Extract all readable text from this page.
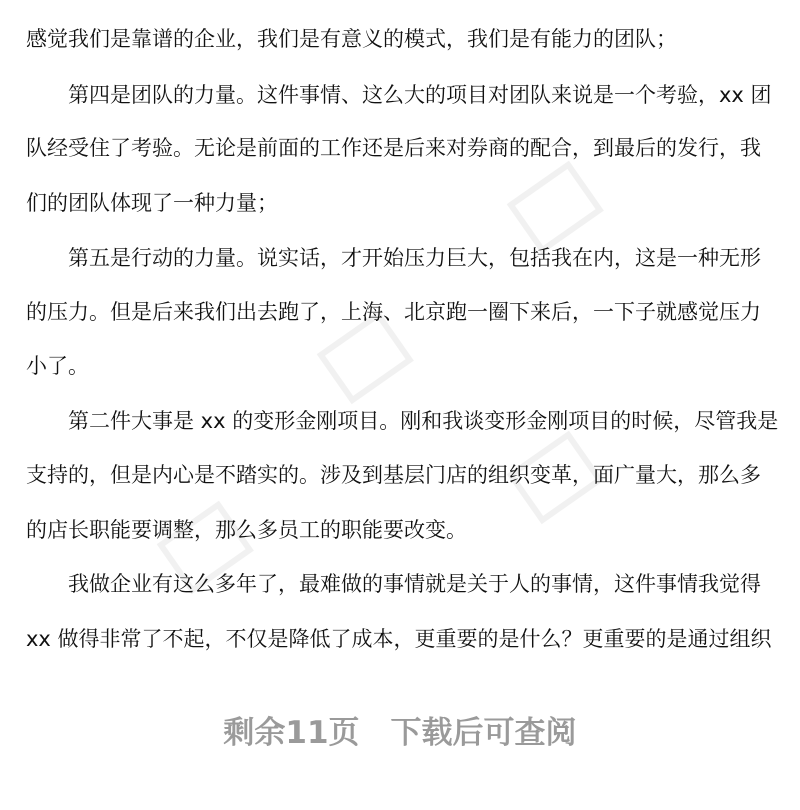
感觉我们是靠谱的企业，我们是有意义的模式，我们是有能力的团队；
　　第四是团队的力量。这件事情、这么大的项目对团队来说是一个考验，xx 团
队经受住了考验。无论是前面的工作还是后来对券商的配合，到最后的发行，我
们的团队体现了一种力量；
　　第五是行动的力量。说实话，才开始压力巨大，包括我在内，这是一种无形
的压力。但是后来我们出去跑了，上海、北京跑一圈下来后，一下子就感觉压力
小了。
　　第二件大事是 xx 的变形金刚项目。刚和我谈变形金刚项目的时候，尽管我是
支持的，但是内心是不踏实的。涉及到基层门店的组织变革，面广量大，那么多
的店长职能要调整，那么多员工的职能要改变。
　　我做企业有这么多年了，最难做的事情就是关于人的事情，这件事情我觉得
xx 做得非常了不起，不仅是降低了成本，更重要的是什么？更重要的是通过组织
剩余11页　下载后可查阅
